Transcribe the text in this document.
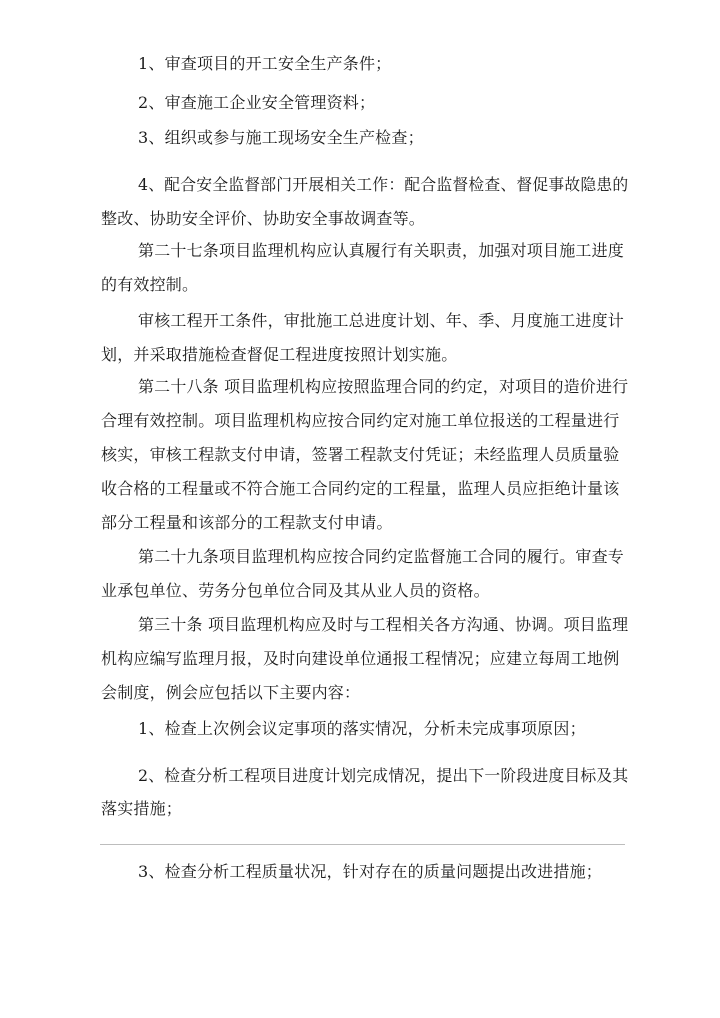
1、审查项目的开工安全生产条件；
2、审查施工企业安全管理资料；
3、组织或参与施工现场安全生产检查；
4、配合安全监督部门开展相关工作：配合监督检查、督促事故隐患的
整改、协助安全评价、协助安全事故调查等。
第二十七条项目监理机构应认真履行有关职责，加强对项目施工进度
的有效控制。
审核工程开工条件，审批施工总进度计划、年、季、月度施工进度计
划，并采取措施检查督促工程进度按照计划实施。
第二十八条 项目监理机构应按照监理合同的约定，对项目的造价进行
合理有效控制。项目监理机构应按合同约定对施工单位报送的工程量进行
核实，审核工程款支付申请，签署工程款支付凭证；未经监理人员质量验
收合格的工程量或不符合施工合同约定的工程量，监理人员应拒绝计量该
部分工程量和该部分的工程款支付申请。
第二十九条项目监理机构应按合同约定监督施工合同的履行。审查专
业承包单位、劳务分包单位合同及其从业人员的资格。
第三十条 项目监理机构应及时与工程相关各方沟通、协调。项目监理
机构应编写监理月报，及时向建设单位通报工程情况；应建立每周工地例
会制度，例会应包括以下主要内容：
1、检查上次例会议定事项的落实情况，分析未完成事项原因；
2、检查分析工程项目进度计划完成情况，提出下一阶段进度目标及其
落实措施；
3、检查分析工程质量状况，针对存在的质量问题提出改进措施；
